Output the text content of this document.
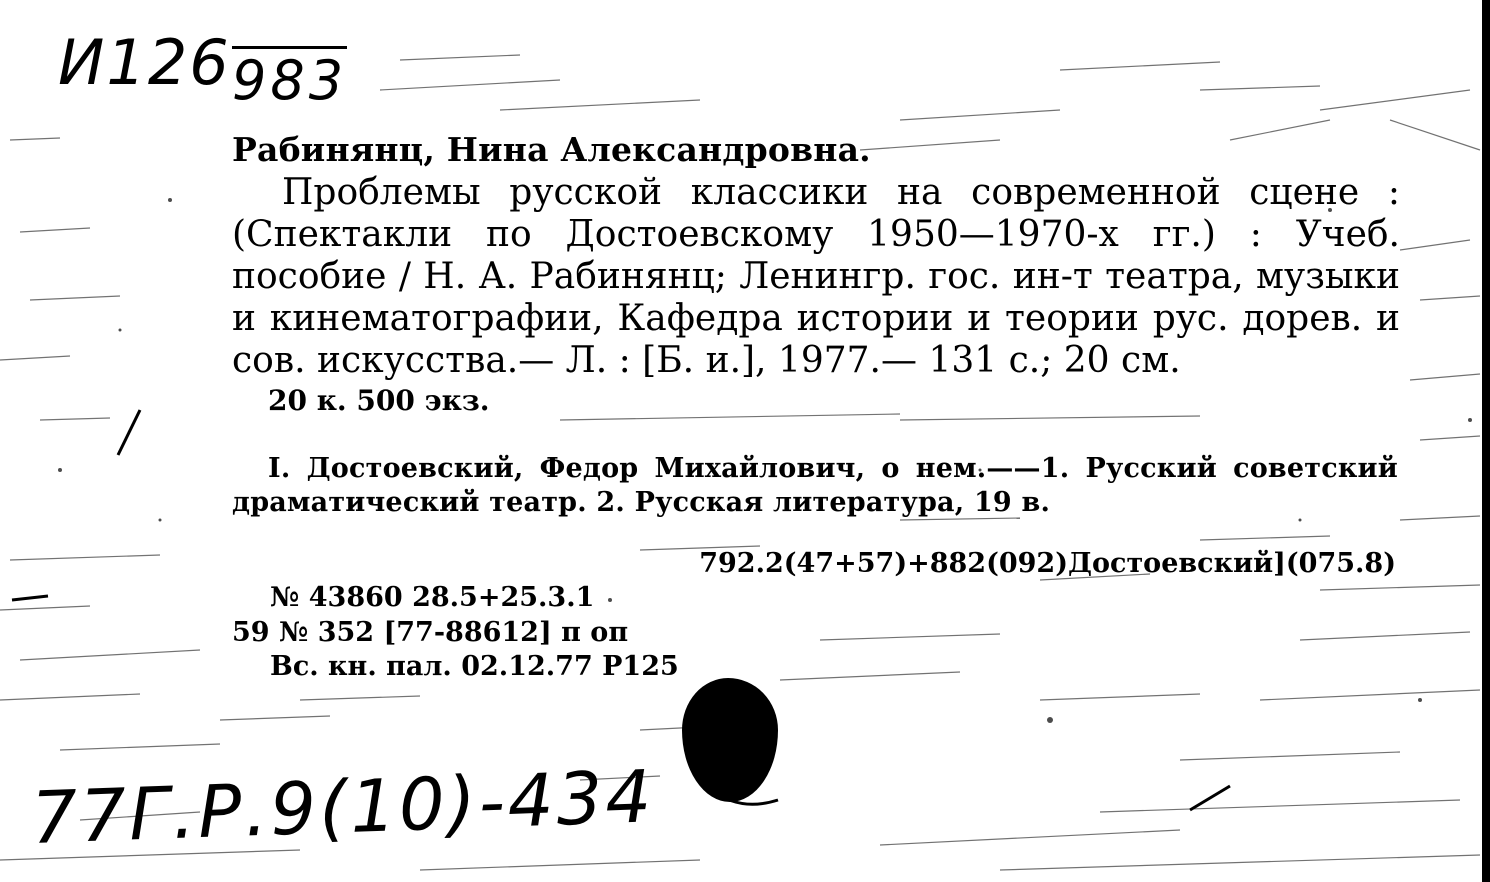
И126 983
Рабинянц, Нина Александровна.
Проблемы русской классики на современной сцене : (Спектакли по Достоевскому 1950—1970-х гг.) : Учеб. пособие / Н. А. Рабинянц; Ленингр. гос. ин-т театра, музыки и кинематографии, Кафедра истории и теории рус. дорев. и сов. искусства.— Л. : [Б. и.], 1977.— 131 с.; 20 см.
20 к. 500 экз.
I. Достоевский, Федор Михайлович, о нем.——1. Русский советский драматический театр. 2. Русская литература, 19 в.
792.2(47+57)+882(092)Достоевский](075.8)
№ 43860 28.5+25.3.1
59 № 352 [77-88612] п оп
Вс. кн. пал. 02.12.77 Р125
77Г.Р.9(10)-434
